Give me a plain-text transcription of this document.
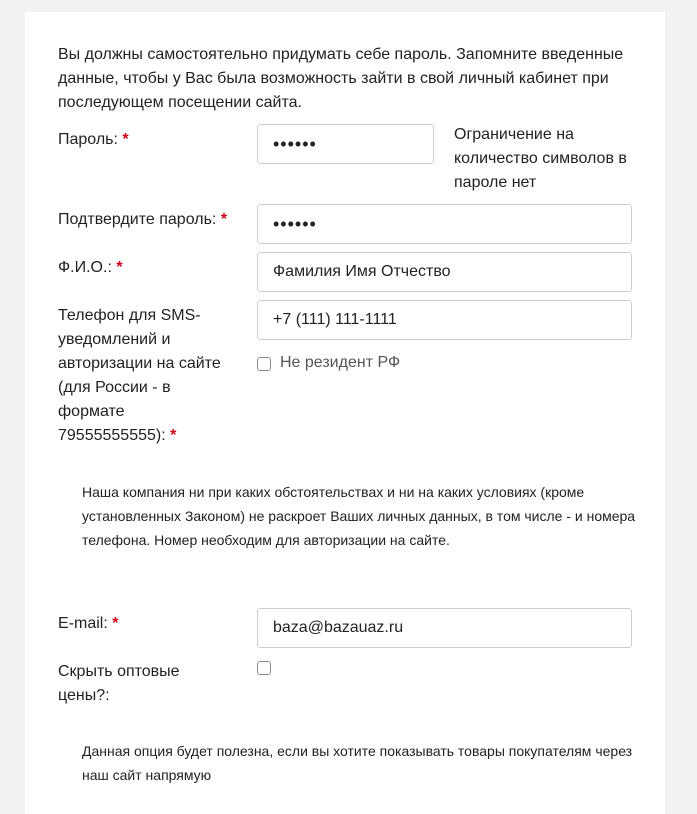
Вы должны самостоятельно придумать себе пароль. Запомните введенные данные, чтобы у Вас была возможность зайти в свой личный кабинет при последующем посещении сайта.
Пароль: *
••••••	Ограничение на количество символов в пароле нет
Подтвердите пароль: *
••••••
Ф.И.О.: *
Фамилия Имя Отчество
Телефон для SMS-уведомлений и авторизации на сайте (для России - в формате 79555555555): *
+7 (111) 111-1111
Не резидент РФ
Наша компания ни при каких обстоятельствах и ни на каких условиях (кроме установленных Законом) не раскроет Ваших личных данных, в том числе - и номера телефона. Номер необходим для авторизации на сайте.
E-mail: *
baza@bazauaz.ru
Скрыть оптовые цены?:
Данная опция будет полезна, если вы хотите показывать товары покупателям через наш сайт напрямую
